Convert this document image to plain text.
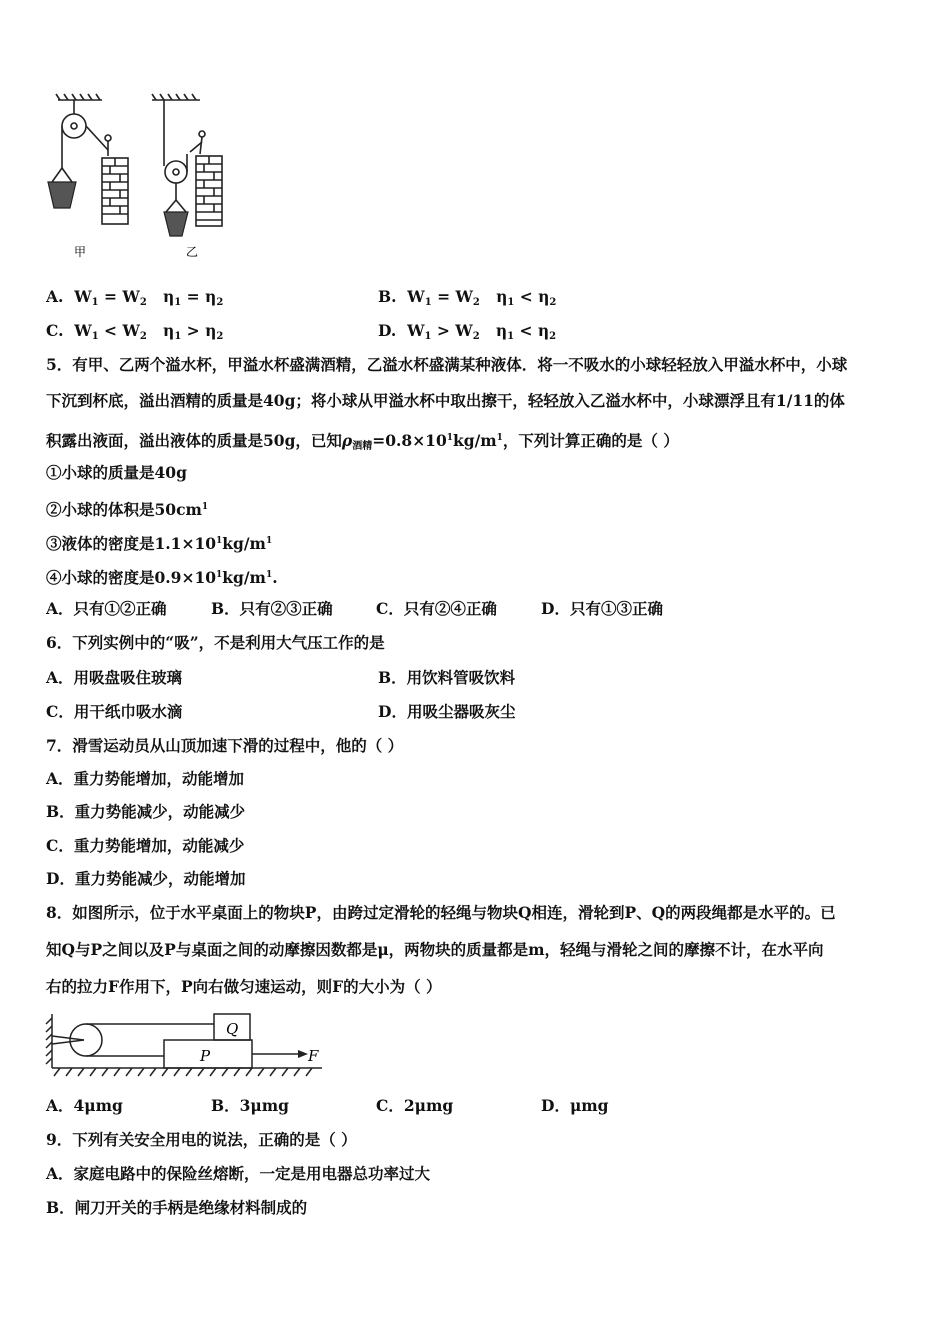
甲	乙
A. $W_1 = W_2$ $\eta_1 = \eta_2$	B. $W_1 = W_2$ $\eta_1 < \eta_2$
C. $W_1 < W_2$ $\eta_1 > \eta_2$	D. $W_1 > W_2$ $\eta_1 < \eta_2$
5．有甲、乙两个溢水杯，甲溢水杯盛满酒精，乙溢水杯盛满某种液体．将一不吸水的小球轻轻放入甲溢水杯中，小球
下沉到杯底，溢出酒精的质量是40g；将小球从甲溢水杯中取出擦干，轻轻放入乙溢水杯中，小球漂浮且有1/11的体
积露出液面，溢出液体的质量是50g，已知$\rho_{酒精}=0.8\times 10^1kg/m^1$，下列计算正确的是（ ）
①小球的质量是40g
②小球的体积是$50cm^1$
③液体的密度是$1.1\times 10^1kg/m^1$
④小球的密度是$0.9\times 10^1kg/m^1$.
A．只有①②正确	B．只有②③正确	C．只有②④正确	D．只有①③正确
6．下列实例中的“吸”，不是利用大气压工作的是
A．用吸盘吸住玻璃	B．用饮料管吸饮料
C．用干纸巾吸水滴	D．用吸尘器吸灰尘
7．滑雪运动员从山顶加速下滑的过程中，他的（ ）
A．重力势能增加，动能增加
B．重力势能减少，动能减少
C．重力势能增加，动能减少
D．重力势能减少，动能增加
8．如图所示，位于水平桌面上的物块P，由跨过定滑轮的轻绳与物块Q相连，滑轮到P、Q的两段绳都是水平的。已
知Q与P之间以及P与桌面之间的动摩擦因数都是μ，两物块的质量都是m，轻绳与滑轮之间的摩擦不计，在水平向
右的拉力F作用下，P向右做匀速运动，则F的大小为（ ）
Q
P	F
A．4μmg	B．3μmg	C．2μmg	D．μmg
9．下列有关安全用电的说法，正确的是（ ）
A．家庭电路中的保险丝熔断，一定是用电器总功率过大
B．闸刀开关的手柄是绝缘材料制成的
